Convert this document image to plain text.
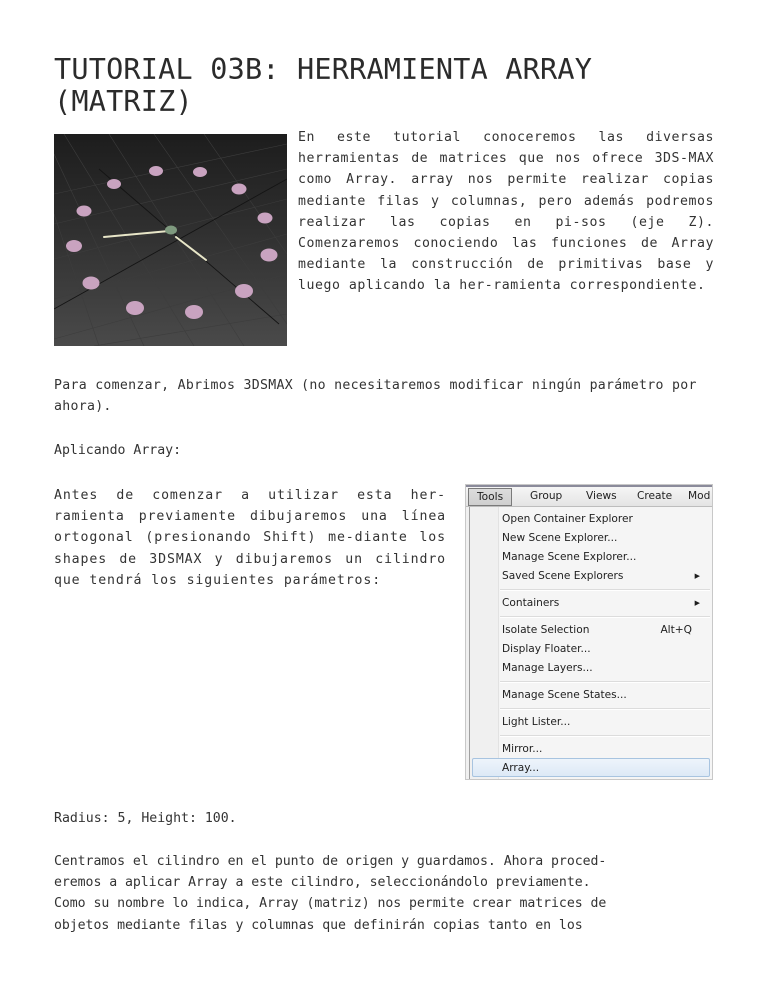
TUTORIAL 03B: HERRAMIENTA ARRAY (MATRIZ)

En este tutorial conoceremos las diversas herramientas de matrices que nos ofrece 3DS-MAX como Array. array nos permite realizar copias mediante filas y columnas, pero además podremos realizar las copias en pi-sos (eje Z). Comenzaremos conociendo las funciones de Array mediante la construcción de primitivas base y luego aplicando la her-ramienta correspondiente.

Para comenzar, Abrimos 3DSMAX (no necesitaremos modificar ningún parámetro por ahora).

Aplicando Array:

Antes de comenzar a utilizar esta her-ramienta previamente dibujaremos una línea ortogonal (presionando Shift) me-diante los shapes de 3DSMAX y dibujaremos un cilindro que tendrá los siguientes parámetros:

Tools	Group Views Create Mod
Open Container Explorer
New Scene Explorer...
Manage Scene Explorer...
Saved Scene Explorers	▶
Containers	▶
Isolate Selection	Alt+Q
Display Floater...
Manage Layers...
Manage Scene States...
Light Lister...
Mirror...
Array...

Radius: 5, Height: 100.

Centramos el cilindro en el punto de origen y guardamos. Ahora proced-
eremos a aplicar Array a este cilindro, seleccionándolo previamente.
Como su nombre lo indica, Array (matriz) nos permite crear matrices de
objetos mediante filas y columnas que definirán copias tanto en los
